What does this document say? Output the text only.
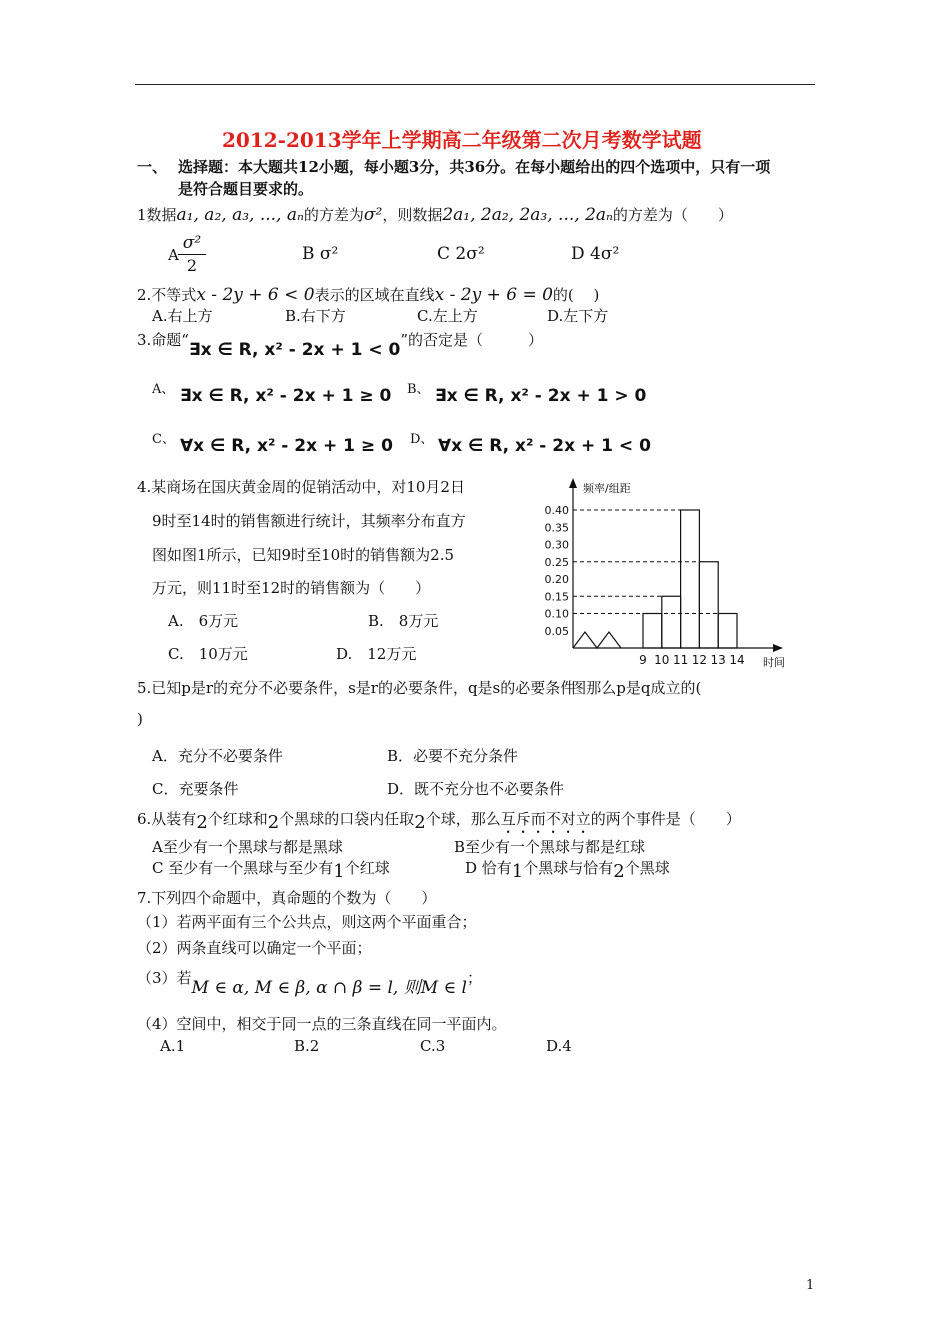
2012-2013学年上学期高二年级第二次月考数学试题
一、 选择题：本大题共12小题，每小题3分，共36分。在每小题给出的四个选项中，只有一项
是符合题目要求的。
1数据a₁, a₂, a₃, ..., aₙ的方差为σ²，则数据2a₁, 2a₂, 2a₃, ..., 2aₙ的方差为（　　）
A
σ²
2
B σ²	C 2σ²	D 4σ²
2.不等式x - 2y + 6 < 0表示的区域在直线x - 2y + 6 = 0的(　 )
A.右上方	B.右下方	C.左上方	D.左下方
3.命题“∃x ∈ R, x² - 2x + 1 < 0”的否定是（　　　）
A、 ∃x ∈ R, x² - 2x + 1 ≥ 0 B、 ∃x ∈ R, x² - 2x + 1 > 0
C、 ∀x ∈ R, x² - 2x + 1 ≥ 0 D、 ∀x ∈ R, x² - 2x + 1 < 0
4.某商场在国庆黄金周的促销活动中，对10月2日
9时至14时的销售额进行统计，其频率分布直方
图如图1所示，已知9时至10时的销售额为2.5
万元，则11时至12时的销售额为（　　）
A.　6万元	B.　8万元
C.　10万元	D.　12万元
0.40
0.35
0.30
0.25
0.20
0.15
0.10
0.05
9 10 11 12 13 14
频率/组距
时间
5.已知p是r的充分不必要条件，s是r的必要条件，q是s的必要条件图那么p是q成立的(
)
A．充分不必要条件	B．必要不充分条件
C．充要条件	D．既不充分也不必要条件
6.从装有2个红球和2个黑球的口袋内任取2个球，那么互斥而不对立的两个事件是（　　）
A至少有一个黑球与都是黑球	B至少有一个黑球与都是红球
C 至少有一个黑球与至少有1个红球	D 恰有1个黑球与恰有2个黑球
7.下列四个命题中，真命题的个数为（　　）
（1）若两平面有三个公共点，则这两个平面重合；
（2）两条直线可以确定一个平面；
（3）若M ∈ α, M ∈ β, α ∩ β = l, 则M ∈ l；
（4）空间中，相交于同一点的三条直线在同一平面内。
A.1	B.2	C.3	D.4
1
